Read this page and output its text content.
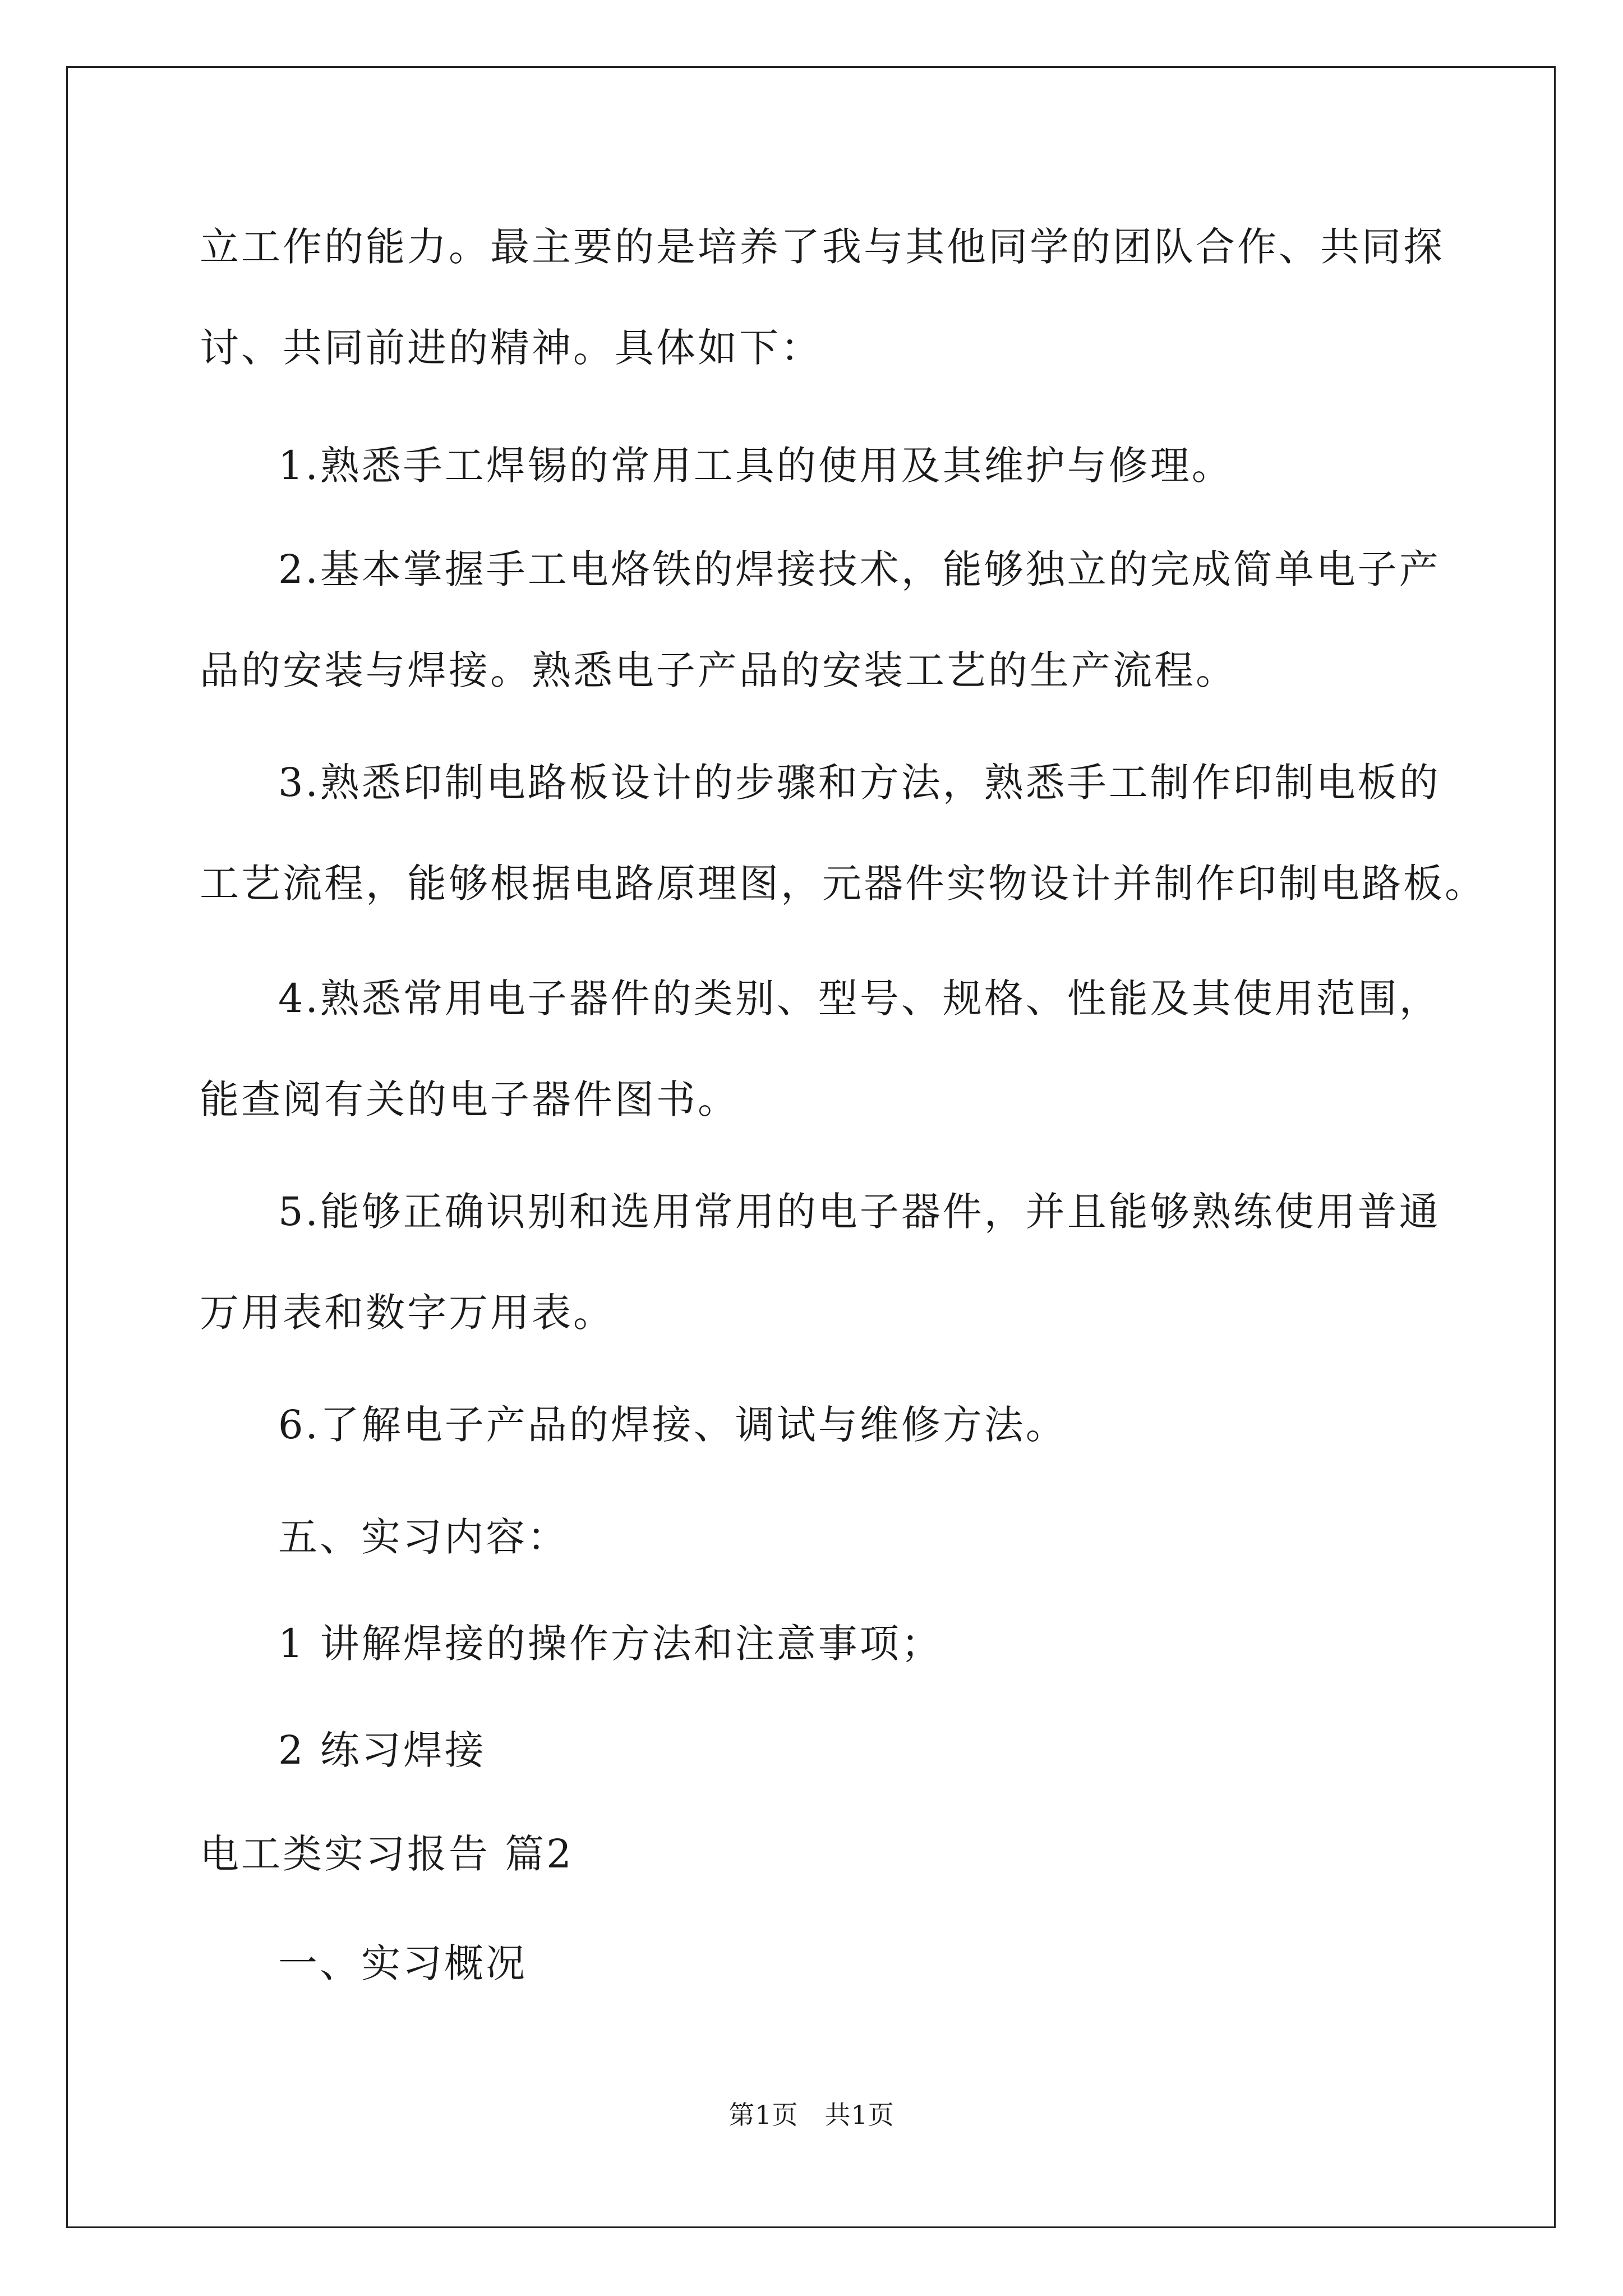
立工作的能力。最主要的是培养了我与其他同学的团队合作、共同探
讨、共同前进的精神。具体如下：
1.熟悉手工焊锡的常用工具的使用及其维护与修理。
2.基本掌握手工电烙铁的焊接技术，能够独立的完成简单电子产
品的安装与焊接。熟悉电子产品的安装工艺的生产流程。
3.熟悉印制电路板设计的步骤和方法，熟悉手工制作印制电板的
工艺流程，能够根据电路原理图，元器件实物设计并制作印制电路板。
4.熟悉常用电子器件的类别、型号、规格、性能及其使用范围，
能查阅有关的电子器件图书。
5.能够正确识别和选用常用的电子器件，并且能够熟练使用普通
万用表和数字万用表。
6.了解电子产品的焊接、调试与维修方法。
五、实习内容：
1 讲解焊接的操作方法和注意事项；
2 练习焊接
电工类实习报告 篇2
一、实习概况
第1页　共1页
